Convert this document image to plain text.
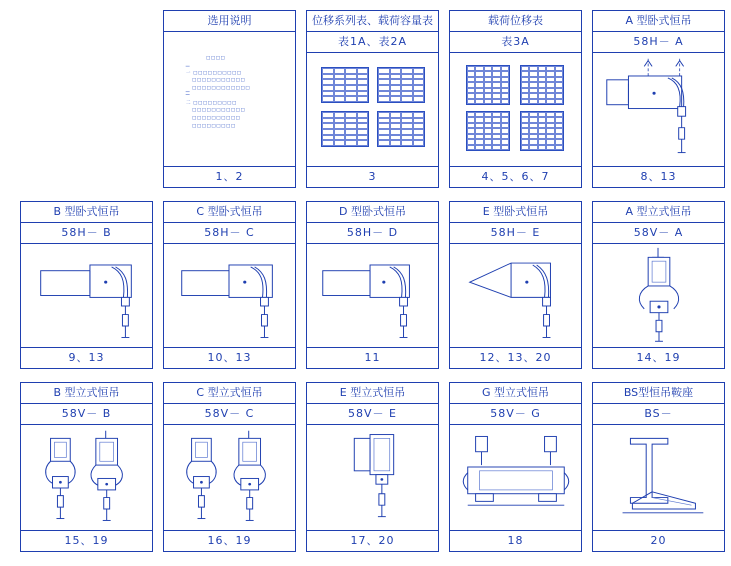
选用说明
□□□□
一 □□□□□□□□□□
□□□□□□□□□□□
□□□□□□□□□□□□
二 □□□□□□□□□
□□□□□□□□□□□
□□□□□□□□□□
□□□□□□□□□
1、2
位移系列表、载荷容量表
表1A、表2A
3
载荷位移表
表3A
4、5、6、7
A 型卧式恒吊
58H－ A
8、13
B 型卧式恒吊
58H－ B
9、13
C 型卧式恒吊
58H－ C
10、13
D 型卧式恒吊
58H－ D
11
E 型卧式恒吊
58H－ E
12、13、20
A 型立式恒吊
58V－ A
14、19
B 型立式恒吊
58V－ B
15、19
C 型立式恒吊
58V－ C
16、19
E 型立式恒吊
58V－ E
17、20
G 型立式恒吊
58V－ G
18
BS型恒吊鞍座
BS－
20
